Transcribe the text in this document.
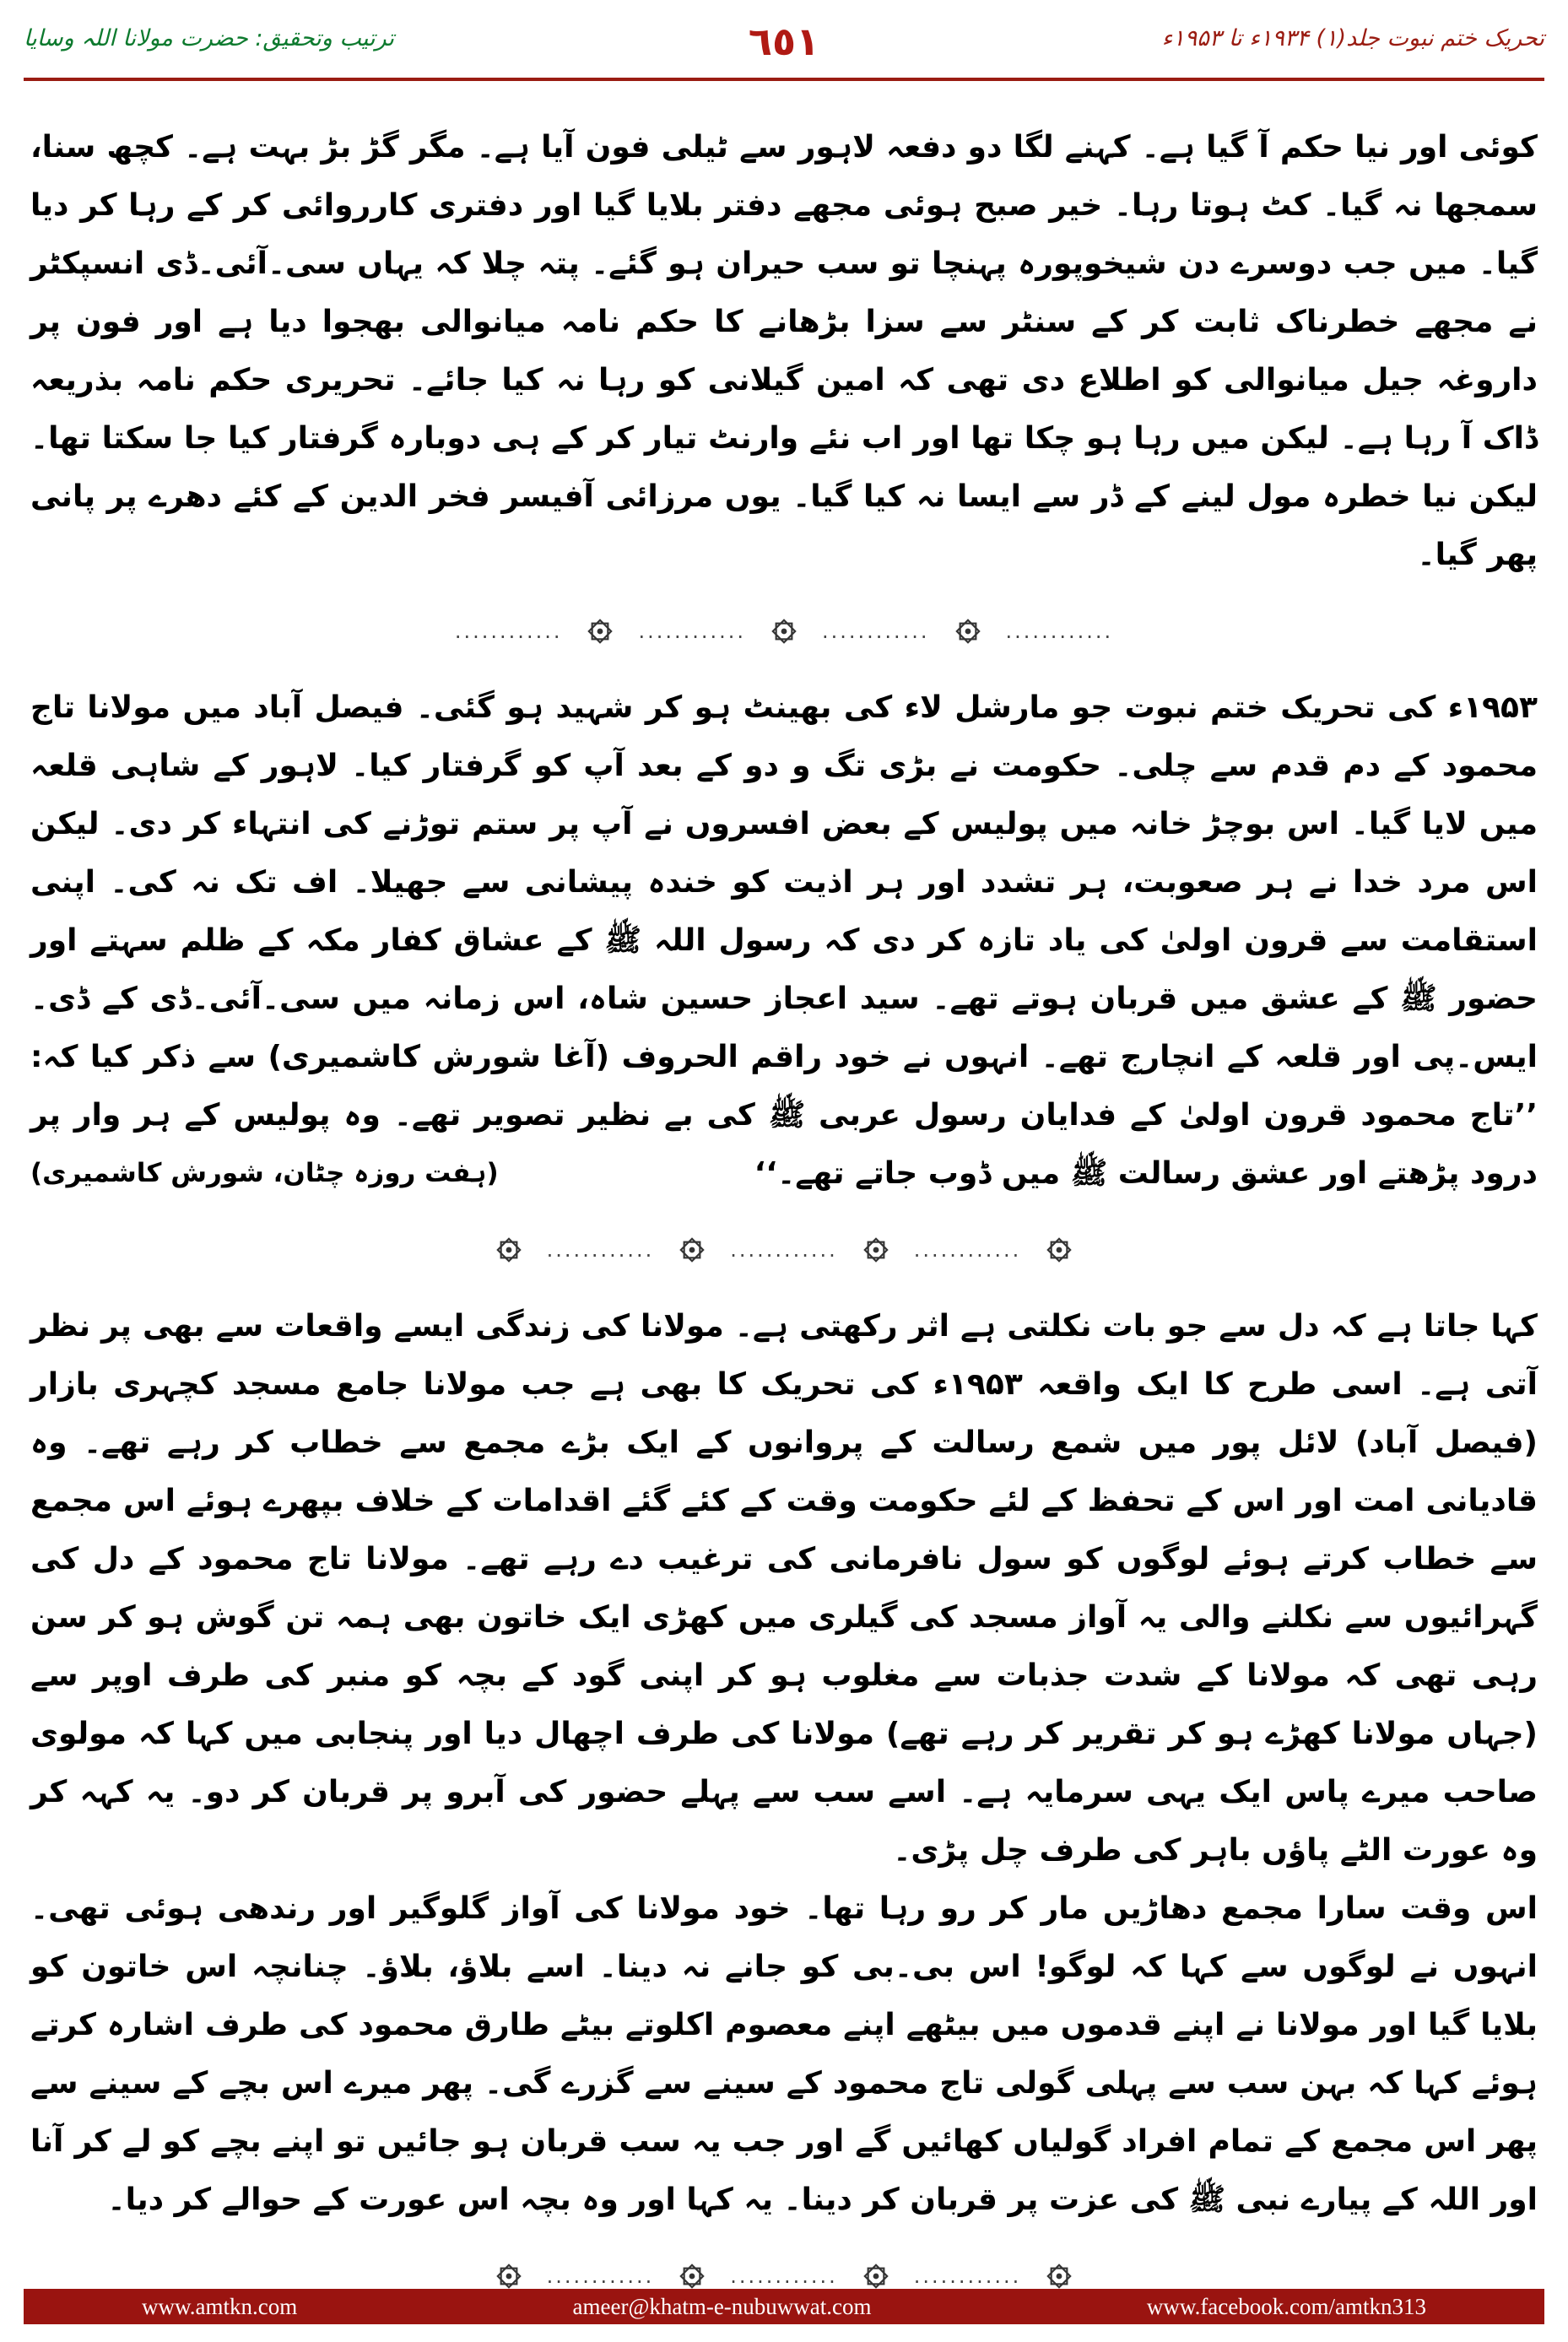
تحریک ختم نبوت جلد(۱) ۱۹۳۴ء تا ۱۹۵۳ء
٦٥١
ترتیب وتحقیق: حضرت مولانا اللہ وسایا

کوئی اور نیا حکم آ گیا ہے۔ کہنے لگا دو دفعہ لاہور سے ٹیلی فون آیا ہے۔ مگر گڑ بڑ بہت ہے۔ کچھ سنا، سمجھا نہ گیا۔ کٹ ہوتا رہا۔ خیر صبح ہوئی مجھے دفتر بلایا گیا اور دفتری کارروائی کر کے رہا کر دیا گیا۔ میں جب دوسرے دن شیخوپورہ پہنچا تو سب حیران ہو گئے۔ پتہ چلا کہ یہاں سی۔آئی۔ڈی انسپکٹر نے مجھے خطرناک ثابت کر کے سنٹر سے سزا بڑھانے کا حکم نامہ میانوالی بھجوا دیا ہے اور فون پر داروغہ جیل میانوالی کو اطلاع دی تھی کہ امین گیلانی کو رہا نہ کیا جائے۔ تحریری حکم نامہ بذریعہ ڈاک آ رہا ہے۔ لیکن میں رہا ہو چکا تھا اور اب نئے وارنٹ تیار کر کے ہی دوبارہ گرفتار کیا جا سکتا تھا۔ لیکن نیا خطرہ مول لینے کے ڈر سے ایسا نہ کیا گیا۔ یوں مرزائی آفیسر فخر الدین کے کئے دھرے پر پانی پھر گیا۔

............	............	............	............

۱۹۵۳ء کی تحریک ختم نبوت جو مارشل لاء کی بھینٹ ہو کر شہید ہو گئی۔ فیصل آباد میں مولانا تاج محمود کے دم قدم سے چلی۔ حکومت نے بڑی تگ و دو کے بعد آپ کو گرفتار کیا۔ لاہور کے شاہی قلعہ میں لایا گیا۔ اس بوچڑ خانہ میں پولیس کے بعض افسروں نے آپ پر ستم توڑنے کی انتہاء کر دی۔ لیکن اس مرد خدا نے ہر صعوبت، ہر تشدد اور ہر اذیت کو خندہ پیشانی سے جھیلا۔ اف تک نہ کی۔ اپنی استقامت سے قرون اولیٰ کی یاد تازہ کر دی کہ رسول اللہ ﷺ کے عشاق کفار مکہ کے ظلم سہتے اور حضور ﷺ کے عشق میں قربان ہوتے تھے۔ سید اعجاز حسین شاہ، اس زمانہ میں سی۔آئی۔ڈی کے ڈی۔ایس۔پی اور قلعہ کے انچارج تھے۔ انہوں نے خود راقم الحروف (آغا شورش کاشمیری) سے ذکر کیا کہ: ’’تاج محمود قرون اولیٰ کے فدایان رسول عربی ﷺ کی بے نظیر تصویر تھے۔ وہ پولیس کے ہر وار پر درود پڑھتے اور عشق رسالت ﷺ میں ڈوب جاتے تھے۔‘‘
(ہفت روزہ چٹان، شورش کاشمیری)

............	............	............

کہا جاتا ہے کہ دل سے جو بات نکلتی ہے اثر رکھتی ہے۔ مولانا کی زندگی ایسے واقعات سے بھی پر نظر آتی ہے۔ اسی طرح کا ایک واقعہ ۱۹۵۳ء کی تحریک کا بھی ہے جب مولانا جامع مسجد کچہری بازار (فیصل آباد) لائل پور میں شمع رسالت کے پروانوں کے ایک بڑے مجمع سے خطاب کر رہے تھے۔ وہ قادیانی امت اور اس کے تحفظ کے لئے حکومت وقت کے کئے گئے اقدامات کے خلاف بپھرے ہوئے اس مجمع سے خطاب کرتے ہوئے لوگوں کو سول نافرمانی کی ترغیب دے رہے تھے۔ مولانا تاج محمود کے دل کی گہرائیوں سے نکلنے والی یہ آواز مسجد کی گیلری میں کھڑی ایک خاتون بھی ہمہ تن گوش ہو کر سن رہی تھی کہ مولانا کے شدت جذبات سے مغلوب ہو کر اپنی گود کے بچہ کو منبر کی طرف اوپر سے (جہاں مولانا کھڑے ہو کر تقریر کر رہے تھے) مولانا کی طرف اچھال دیا اور پنجابی میں کہا کہ مولوی صاحب میرے پاس ایک یہی سرمایہ ہے۔ اسے سب سے پہلے حضور کی آبرو پر قربان کر دو۔ یہ کہہ کر وہ عورت الٹے پاؤں باہر کی طرف چل پڑی۔

اس وقت سارا مجمع دھاڑیں مار کر رو رہا تھا۔ خود مولانا کی آواز گلوگیر اور رندھی ہوئی تھی۔ انہوں نے لوگوں سے کہا کہ لوگو! اس بی۔بی کو جانے نہ دینا۔ اسے بلاؤ، بلاؤ۔ چنانچہ اس خاتون کو بلایا گیا اور مولانا نے اپنے قدموں میں بیٹھے اپنے معصوم اکلوتے بیٹے طارق محمود کی طرف اشارہ کرتے ہوئے کہا کہ بہن سب سے پہلی گولی تاج محمود کے سینے سے گزرے گی۔ پھر میرے اس بچے کے سینے سے پھر اس مجمع کے تمام افراد گولیاں کھائیں گے اور جب یہ سب قربان ہو جائیں تو اپنے بچے کو لے کر آنا اور اللہ کے پیارے نبی ﷺ کی عزت پر قربان کر دینا۔ یہ کہا اور وہ بچہ اس عورت کے حوالے کر دیا۔

............	............	............
www.amtkn.com	ameer@khatm-e-nubuwwat.com	www.facebook.com/amtkn313
